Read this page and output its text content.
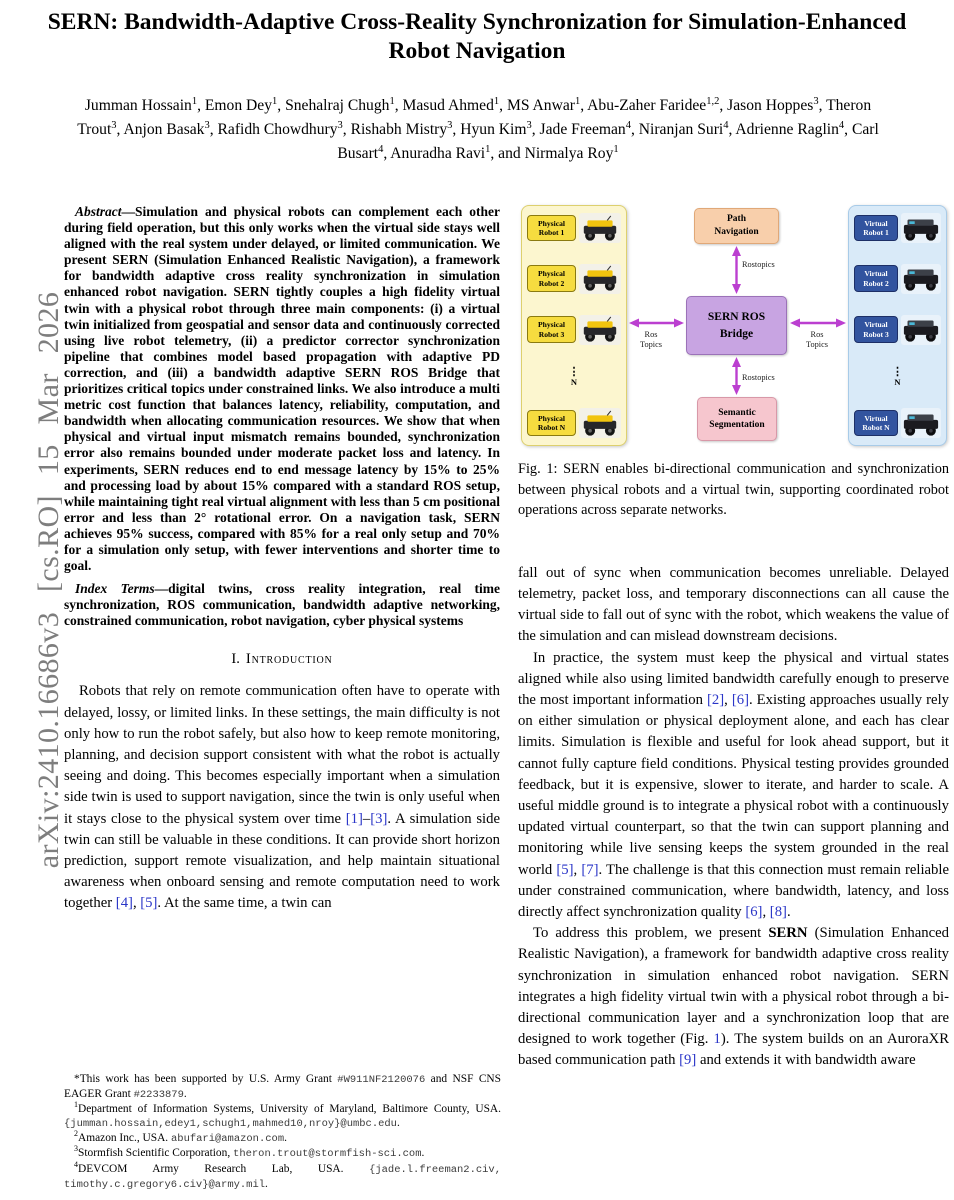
arXiv:2410.16686v3 [cs.RO] 15 Mar 2026
SERN: Bandwidth-Adaptive Cross-Reality Synchronization for Simulation-Enhanced Robot Navigation
Jumman Hossain$^1$, Emon Dey$^1$, Snehalraj Chugh$^1$, Masud Ahmed$^1$, MS Anwar$^1$, Abu-Zaher Faridee$^{1,2}$, Jason Hoppes$^3$, Theron Trout$^3$, Anjon Basak$^3$, Rafidh Chowdhury$^3$, Rishabh Mistry$^3$, Hyun Kim$^3$, Jade Freeman$^4$, Niranjan Suri$^4$, Adrienne Raglin$^4$, Carl Busart$^4$, Anuradha Ravi$^1$, and Nirmalya Roy$^1$

Abstract—Simulation and physical robots can complement each other during field operation, but this only works when the virtual side stays well aligned with the real system under delayed, or limited communication. We present SERN (Simulation Enhanced Realistic Navigation), a framework for bandwidth adaptive cross reality synchronization in simulation enhanced robot navigation. SERN tightly couples a high fidelity virtual twin with a physical robot through three main components: (i) a virtual twin initialized from geospatial and sensor data and continuously corrected using live robot telemetry, (ii) a predictor corrector synchronization pipeline that combines model based propagation with adaptive PD correction, and (iii) a bandwidth adaptive SERN ROS Bridge that prioritizes critical topics under constrained links. We also introduce a multi metric cost function that balances latency, reliability, computation, and bandwidth when allocating communication resources. We show that when physical and virtual input mismatch remains bounded, synchronization error also remains bounded under moderate packet loss and latency. In experiments, SERN reduces end to end message latency by 15% to 25% and processing load by about 15% compared with a standard ROS setup, while maintaining tight real virtual alignment with less than 5 cm positional error and less than 2° rotational error. On a navigation task, SERN achieves 95% success, compared with 85% for a real only setup and 70% for a simulation only setup, with fewer interventions and shorter time to goal.

Index Terms—digital twins, cross reality integration, real time synchronization, ROS communication, bandwidth adaptive networking, constrained communication, robot navigation, cyber physical systems

I. Introduction

Robots that rely on remote communication often have to operate with delayed, lossy, or limited links. In these settings, the main difficulty is not only how to run the robot safely, but also how to keep remote monitoring, planning, and decision support consistent with what the robot is actually seeing and doing. This becomes especially important when a simulation side twin is used to support navigation, since the twin is only useful when it stays close to the physical system over time [1]–[3]. A simulation side twin can still be valuable in these conditions. It can provide short horizon prediction, support remote visualization, and help maintain situational awareness when onboard sensing and remote computation need to work together [4], [5]. At the same time, a twin can

*This work has been supported by U.S. Army Grant #W911NF2120076 and NSF CNS EAGER Grant #2233879.

$^1$Department of Information Systems, University of Maryland, Baltimore County, USA. {jumman.hossain,edey1,schugh1,mahmed10,nroy}@umbc.edu.

$^2$Amazon Inc., USA. abufari@amazon.com.

$^3$Stormfish Scientific Corporation, theron.trout@stormfish-sci.com.

$^4$DEVCOM Army Research Lab, USA. {jade.l.freeman2.civ, timothy.c.gregory6.civ}@army.mil.

Physical Robot 1
Physical Robot 2
Physical Robot 3
⋮
N
Physical Robot N
Path Navigation
SERN ROS Bridge
Semantic Segmentation
Ros Topics
Ros Topics
Rostopics
Rostopics
Virtual Robot 1
Virtual Robot 2
Virtual Robot 3
⋮
N
Virtual Robot N

Fig. 1: SERN enables bi-directional communication and synchronization between physical robots and a virtual twin, supporting coordinated robot operations across separate networks.

fall out of sync when communication becomes unreliable. Delayed telemetry, packet loss, and temporary disconnections can all cause the virtual side to fall out of sync with the robot, which weakens the value of the simulation and can mislead downstream decisions.

In practice, the system must keep the physical and virtual states aligned while also using limited bandwidth carefully enough to preserve the most important information [2], [6]. Existing approaches usually rely on either simulation or physical deployment alone, and each has clear limits. Simulation is flexible and useful for look ahead support, but it cannot fully capture field conditions. Physical testing provides grounded feedback, but it is expensive, slower to iterate, and harder to scale. A useful middle ground is to integrate a physical robot with a continuously updated virtual counterpart, so that the twin can support planning and monitoring while live sensing keeps the system grounded in the real world [5], [7]. The challenge is that this connection must remain reliable under constrained communication, where bandwidth, latency, and loss directly affect synchronization quality [6], [8].

To address this problem, we present SERN (Simulation Enhanced Realistic Navigation), a framework for bandwidth adaptive cross reality synchronization in simulation enhanced robot navigation. SERN integrates a high fidelity virtual twin with a physical robot through a bi-directional communication layer and a synchronization loop that are designed to work together (Fig. 1). The system builds on an AuroraXR based communication path [9] and extends it with bandwidth aware
